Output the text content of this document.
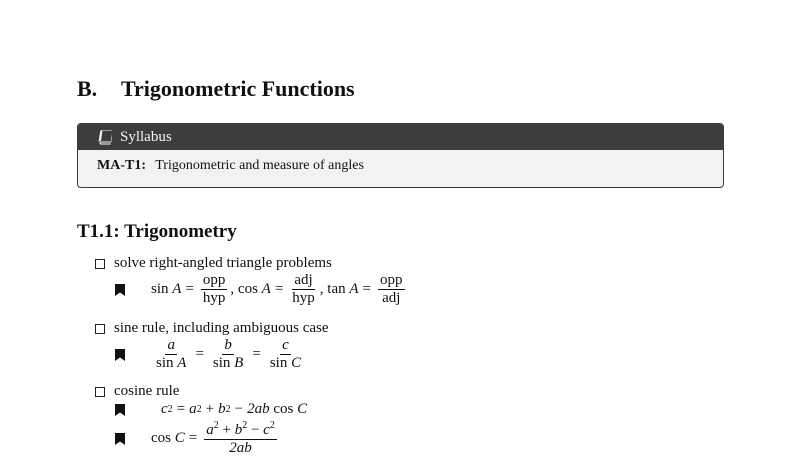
B. Trigonometric Functions
Syllabus
MA-T1: Trigonometric and measure of angles
T1.1: Trigonometry
solve right-angled triangle problems
sin
$A = \frac{\text{opp}}{\text{hyp}}$ , cos
$A = \frac{\text{adj}}{\text{hyp}}$ , tan
$A = \frac{\text{opp}}{\text{adj}}$
sine rule, including ambiguous case
$\frac{a}{\text{sin A}} = \frac{b}{\text{sin B}} = \frac{c}{\text{sin C}}$
cosine rule
c 2 = a 2 + b 2 − 2ab
cos
C
cos
$C = \frac{a^2 + b^2 - c^2}{2ab}$
